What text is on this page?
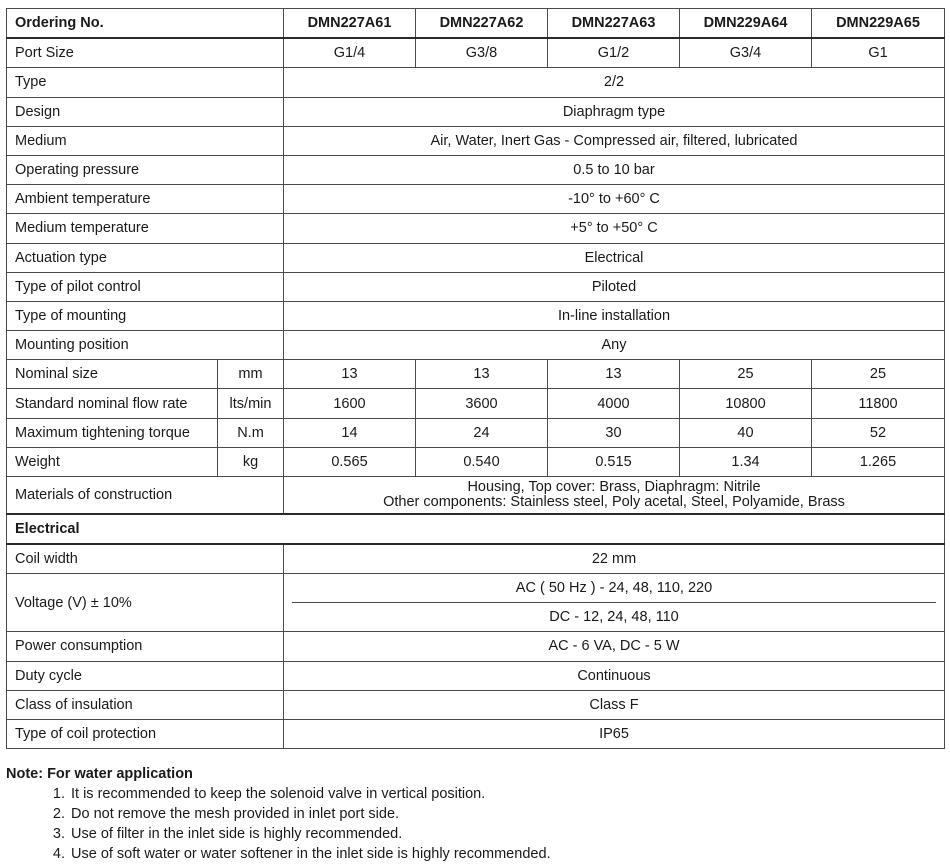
Ordering No.		DMN227A61	DMN227A62	DMN227A63	DMN229A64	DMN229A65
Port Size		G1/4	G3/8	G1/2	G3/4	G1
Type		2/2				
Design		Diaphragm type				
Medium		Air, Water, Inert Gas - Compressed air, filtered, lubricated				
Operating pressure		0.5 to 10 bar				
Ambient temperature		-10° to +60° C				
Medium temperature		+5° to +50° C				
Actuation type		Electrical				
Type of pilot control		Piloted				
Type of mounting		In-line installation				
Mounting position		Any				
Nominal size	mm	13	13	13	25	25
Standard nominal flow rate	lts/min	1600	3600	4000	10800	11800
Maximum tightening torque	N.m	14	24	30	40	52
Weight	kg	0.565	0.540	0.515	1.34	1.265
Materials of construction		Housing, Top cover: Brass, Diaphragm: Nitrile
Other components: Stainless steel, Poly acetal, Steel, Polyamide, Brass				

Electrical						
Coil width		22 mm				
Voltage (V) ± 10%		AC ( 50 Hz ) - 24, 48, 110, 220
DC - 12, 24, 48, 110				

Power consumption		AC - 6 VA, DC - 5 W				
Duty cycle		Continuous				
Class of insulation		Class F				
Type of coil protection		IP65				
Note: For water application
1. It is recommended to keep the solenoid valve in vertical position.
2. Do not remove the mesh provided in inlet port side.
3. Use of filter in the inlet side is highly recommended.
4. Use of soft water or water softener in the inlet side is highly recommended.
